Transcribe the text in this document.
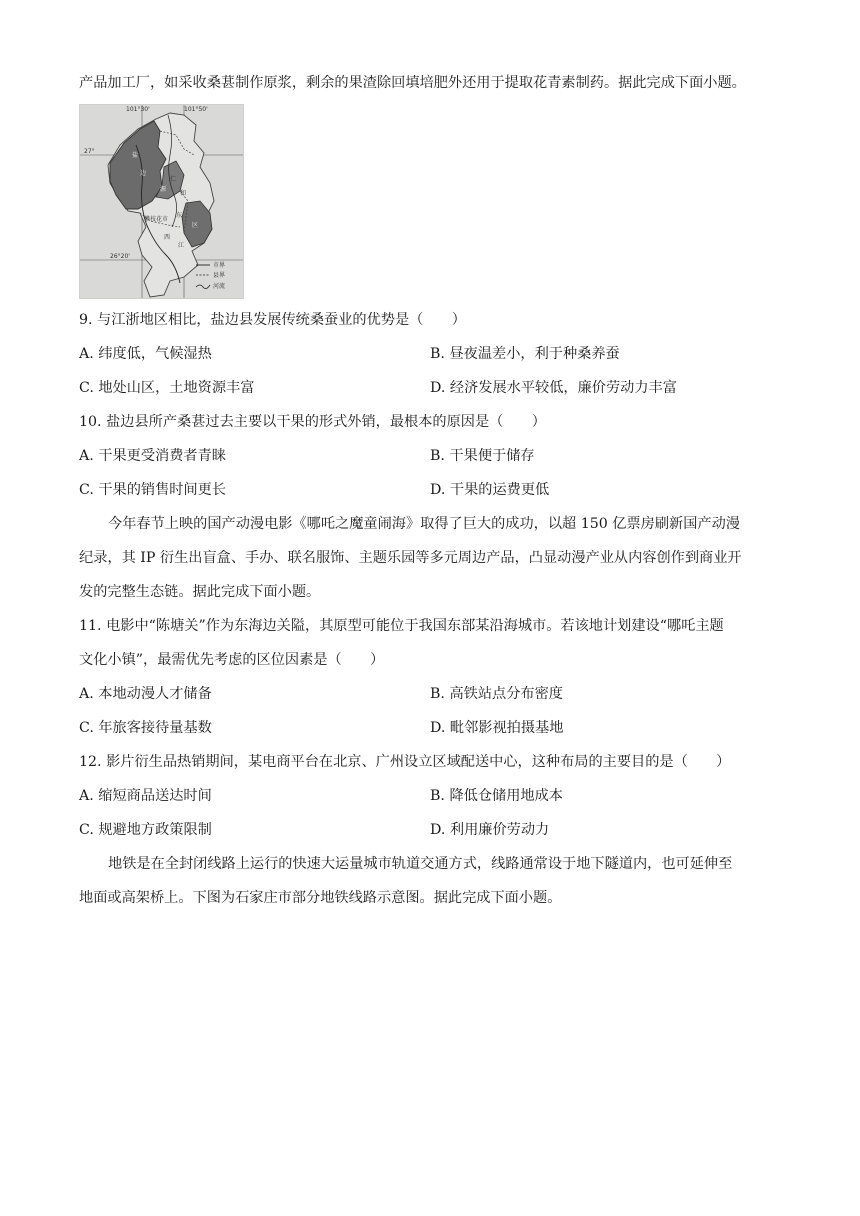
产品加工厂，如采收桑葚制作原浆，剩余的果渣除回填培肥外还用于提取花青素制药。据此完成下面小题。
101°30'	101°50'
27°
26°20'
盐
边
源
仁
和
攀枝花市
东
区
西
江
市界
县界
河流
9. 与江浙地区相比，盐边县发展传统桑蚕业的优势是（　　）
A. 纬度低，气候湿热	B. 昼夜温差小，利于种桑养蚕
C. 地处山区，土地资源丰富	D. 经济发展水平较低，廉价劳动力丰富
10. 盐边县所产桑葚过去主要以干果的形式外销，最根本的原因是（　　）
A. 干果更受消费者青睐	B. 干果便于储存
C. 干果的销售时间更长	D. 干果的运费更低
今年春节上映的国产动漫电影《哪吒之魔童闹海》取得了巨大的成功，以超 150 亿票房刷新国产动漫
纪录，其 IP 衍生出盲盒、手办、联名服饰、主题乐园等多元周边产品，凸显动漫产业从内容创作到商业开
发的完整生态链。据此完成下面小题。
11. 电影中“陈塘关”作为东海边关隘，其原型可能位于我国东部某沿海城市。若该地计划建设“哪吒主题
文化小镇”，最需优先考虑的区位因素是（　　）
A. 本地动漫人才储备	B. 高铁站点分布密度
C. 年旅客接待量基数	D. 毗邻影视拍摄基地
12. 影片衍生品热销期间，某电商平台在北京、广州设立区域配送中心，这种布局的主要目的是（　　）
A. 缩短商品送达时间	B. 降低仓储用地成本
C. 规避地方政策限制	D. 利用廉价劳动力
地铁是在全封闭线路上运行的快速大运量城市轨道交通方式，线路通常设于地下隧道内，也可延伸至
地面或高架桥上。下图为石家庄市部分地铁线路示意图。据此完成下面小题。
